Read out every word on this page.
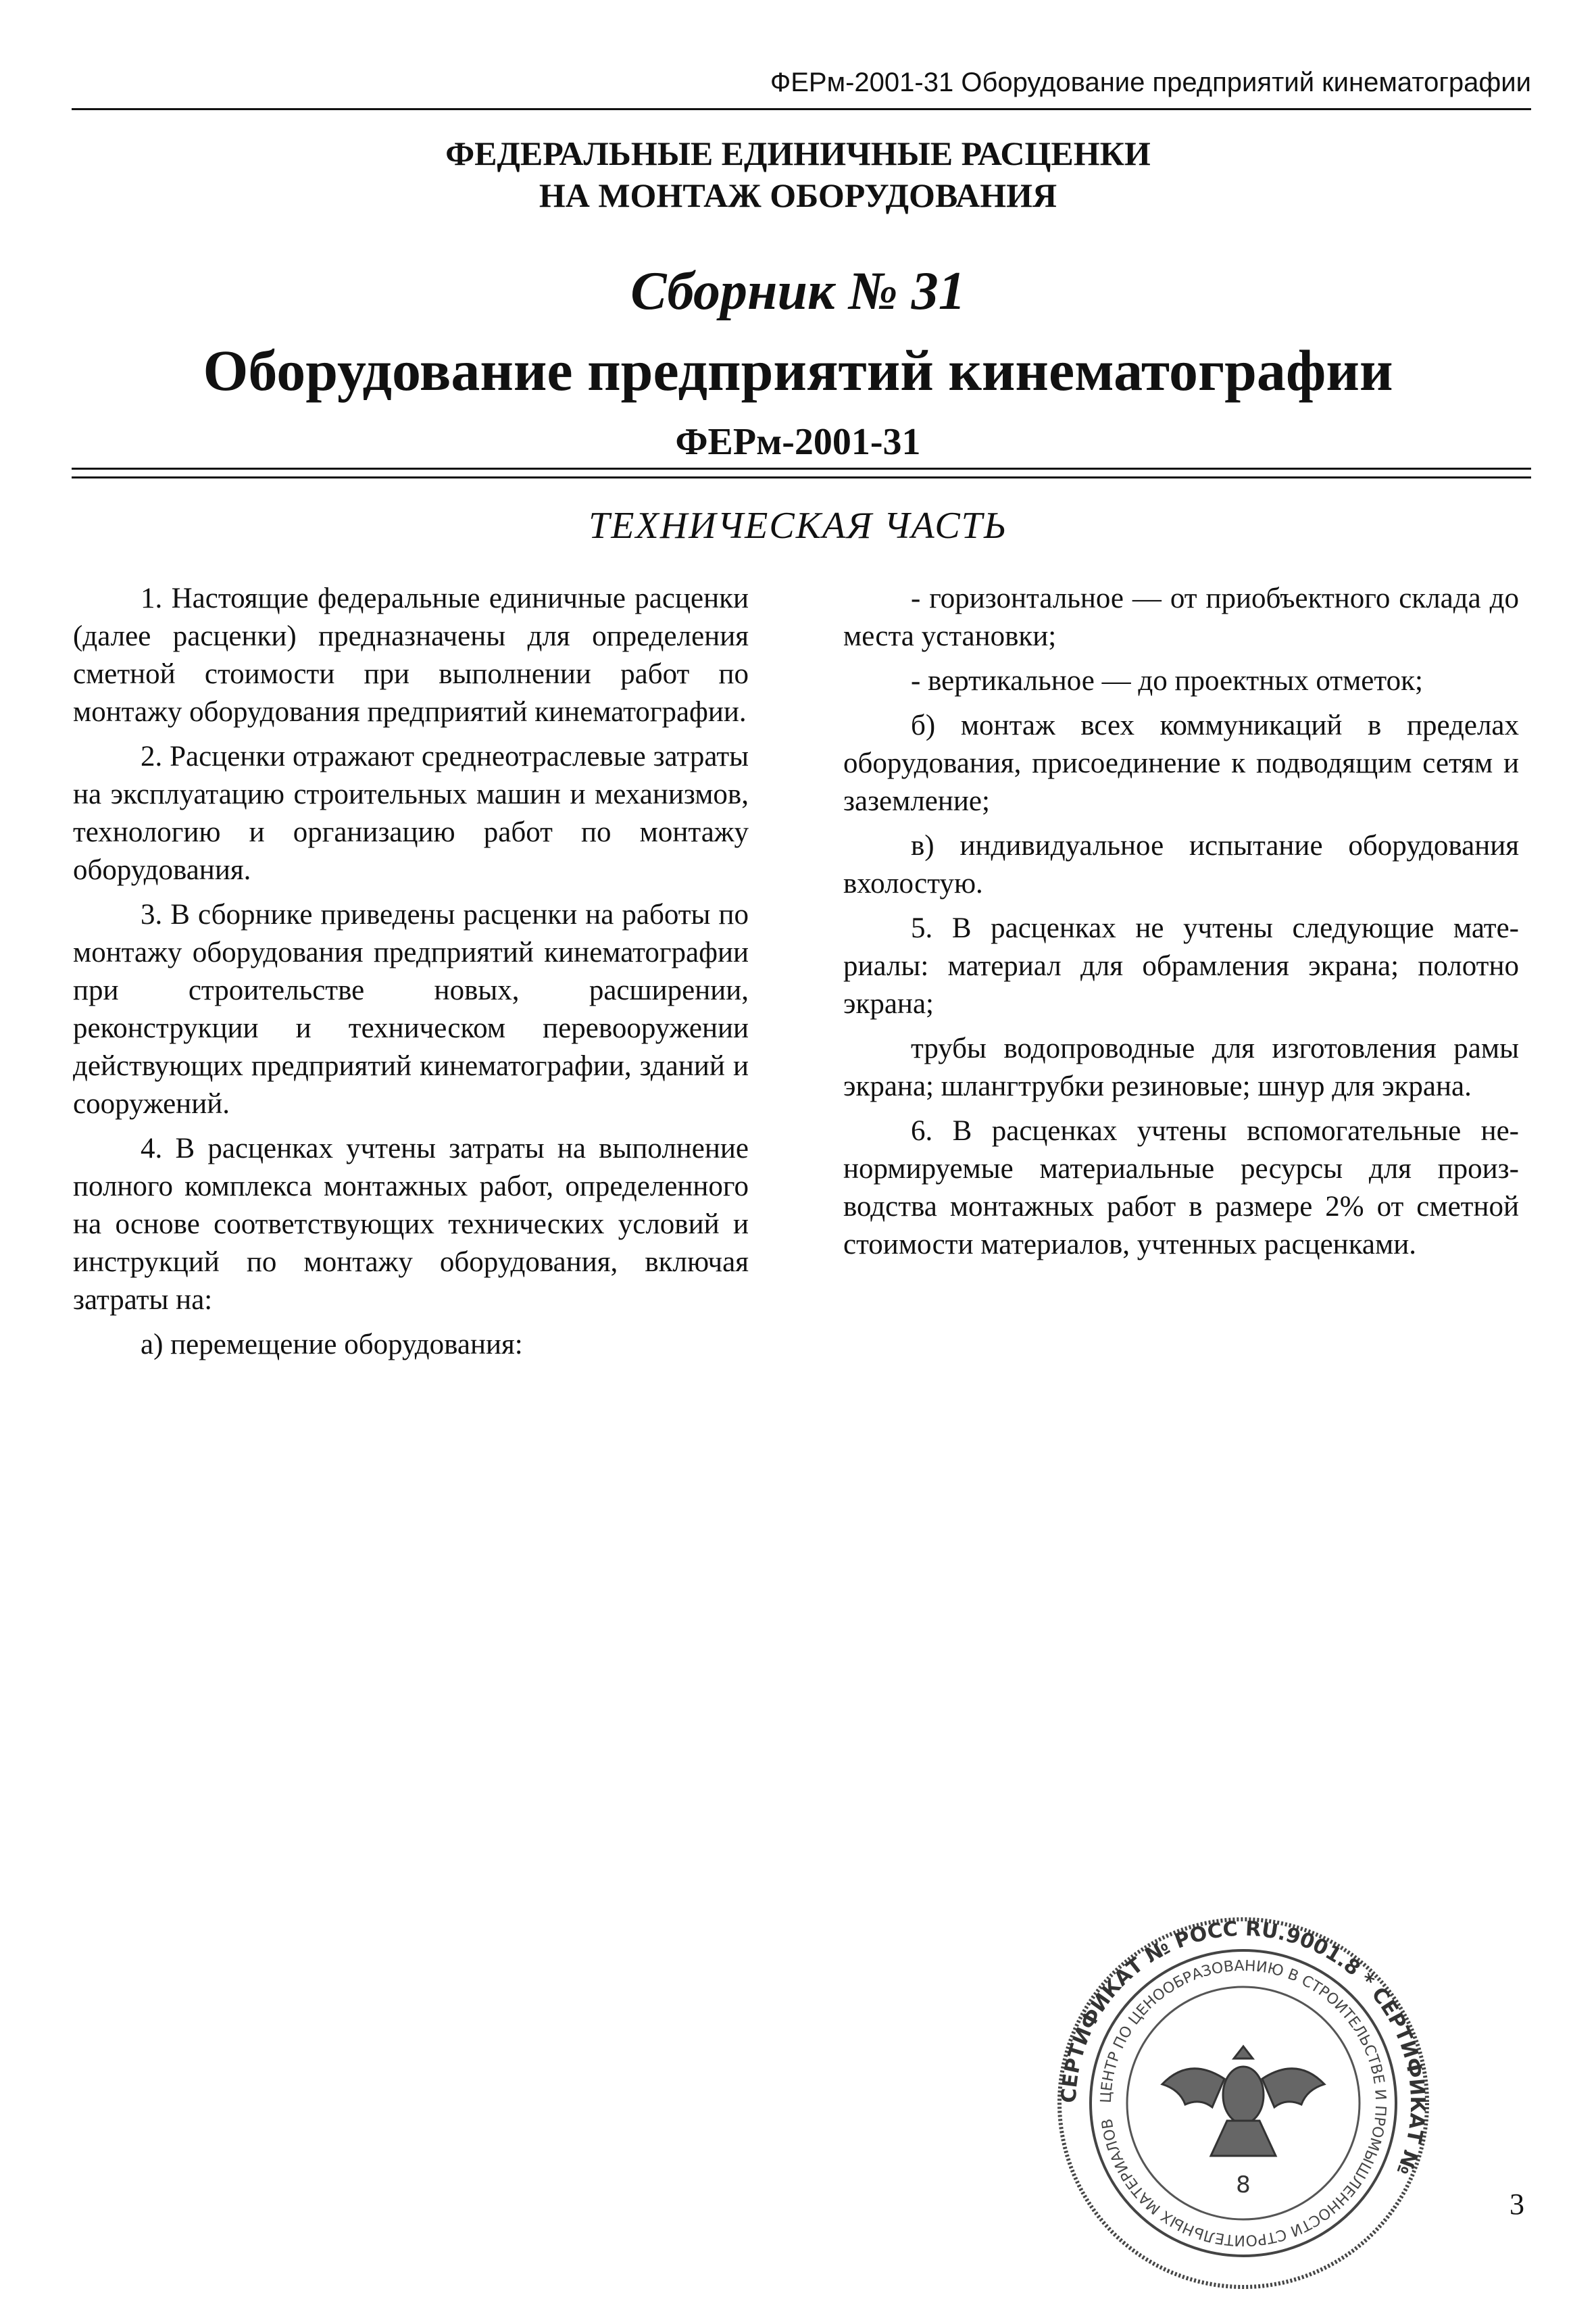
ФЕРм-2001-31 Оборудование предприятий кинематографии
ФЕДЕРАЛЬНЫЕ ЕДИНИЧНЫЕ РАСЦЕНКИ
НА МОНТАЖ ОБОРУДОВАНИЯ
Сборник № 31
Оборудование предприятий кинематографии
ФЕРм-2001-31
ТЕХНИЧЕСКАЯ ЧАСТЬ

1. Настоящие федеральные единичные расценки (далее расценки) предназначены для определения сметной стоимости при выполнении работ по монтажу оборудования предприятий кинематографии.

2. Расценки отражают среднеотраслевые затраты на эксплуатацию строительных машин и механизмов, технологию и организацию работ по монтажу оборудования.

3. В сборнике приведены расценки на работы по монтажу оборудования предприятий кинематографии при строительстве новых, расширении, реконструкции и техническом перевооружении действующих предприятий кинематографии, зданий и сооружений.

4. В расценках учтены затраты на выполнение полного комплекса монтажных работ, определенного на основе соответствующих технических условий и инструкций по монтажу оборудования, включая затраты на:

а) перемещение оборудования:

- горизонтальное — от приобъектного склада до места установки;

- вертикальное — до проектных отметок;

б) монтаж всех коммуникаций в пределах оборудования, присоединение к подводящим сетям и заземление;

в) индивидуальное испытание оборудования вхолостую.

5. В расценках не учтены следующие материалы: материал для обрамления экрана; полотно экрана;

трубы водопроводные для изготовления рамы экрана; шлангтрубки резиновые; шнур для экрана.

6. В расценках учтены вспомогательные ненормируемые материальные ресурсы для производства монтажных работ в размере 2% от сметной стоимости материалов, учтенных расценками.

СЕРТИФИКАТ № РОСС RU.9001.8 * СЕРТИФИКАТ №
ЦЕНТР ПО ЦЕНООБРАЗОВАНИЮ В СТРОИТЕЛЬСТВЕ И ПРОМЫШЛЕННОСТИ СТРОИТЕЛЬНЫХ МАТЕРИАЛОВ
8
3
